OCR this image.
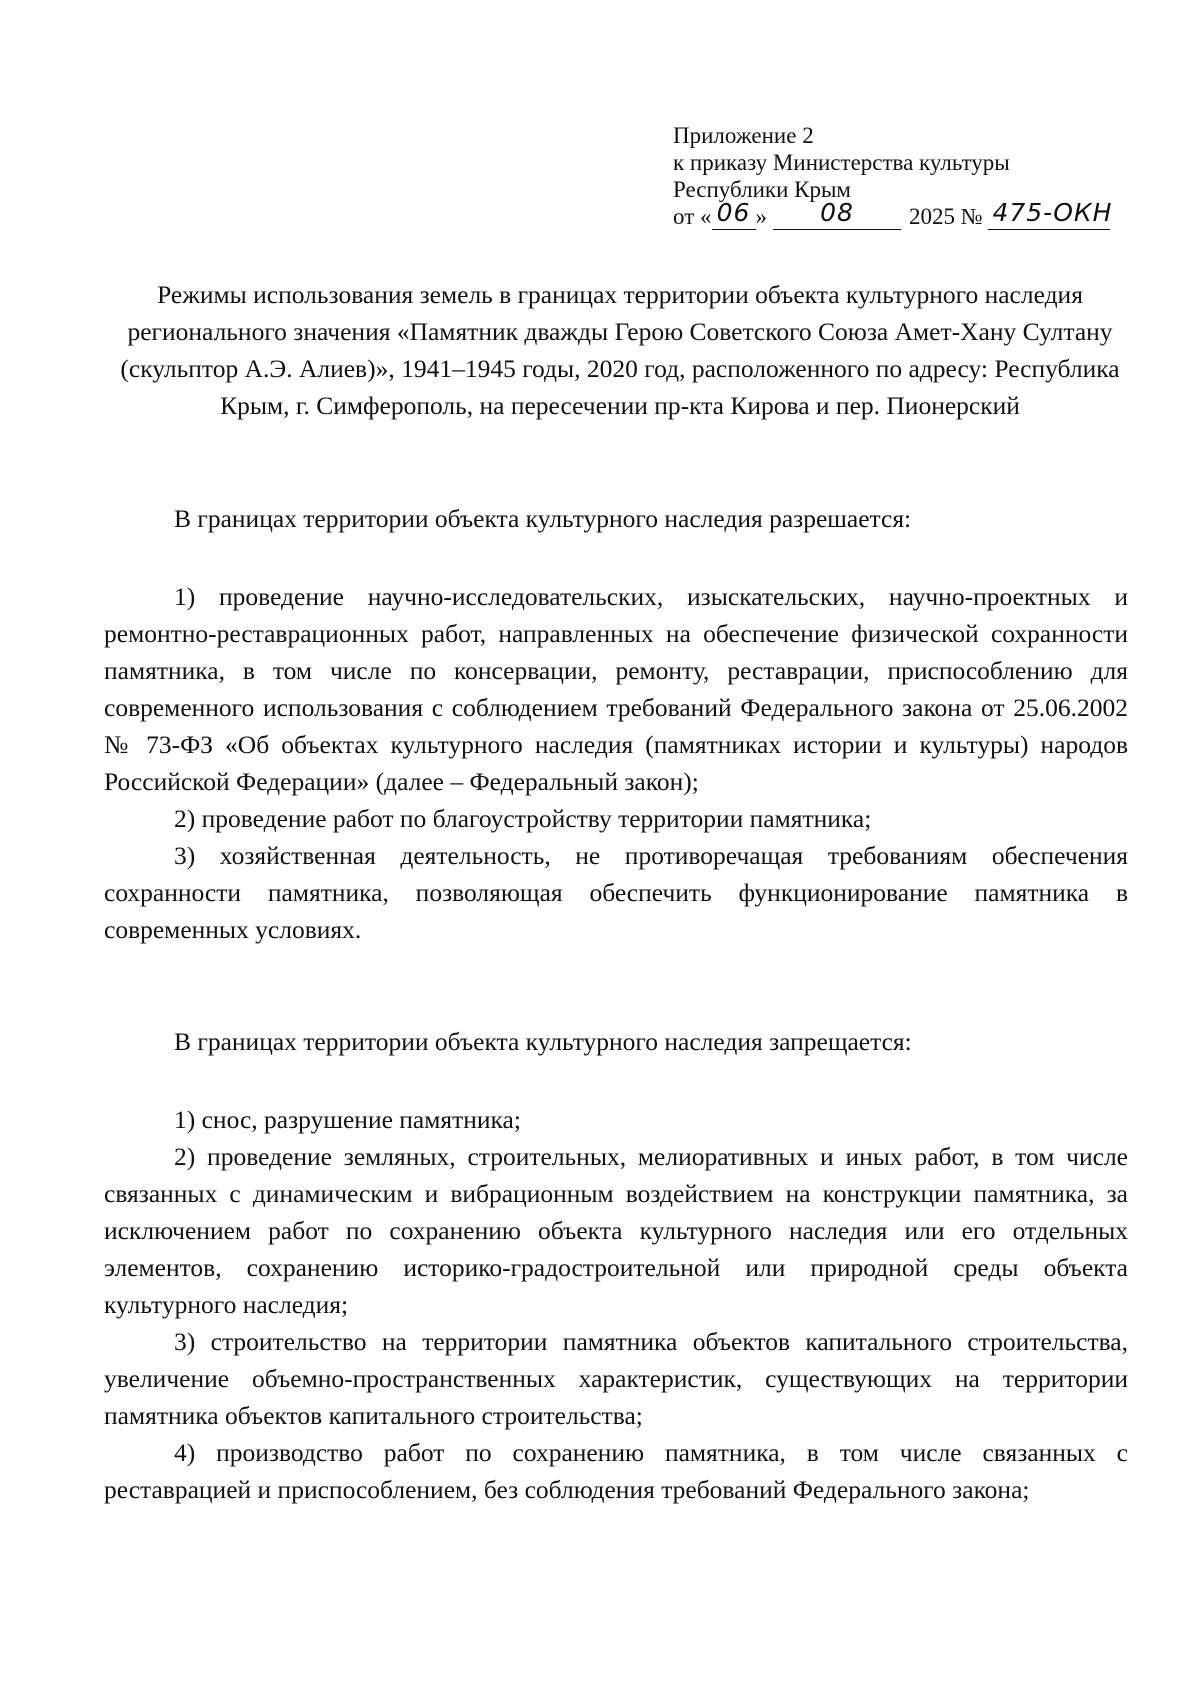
Приложение 2
к приказу Министерства культуры
Республики Крым
от « 06 » 08 2025 № 475-ОКН
Режимы использования земель в границах территории объекта культурного наследия регионального значения «Памятник дважды Герою Советского Союза Амет-Хану Султану (скульптор А.Э. Алиев)», 1941–1945 годы, 2020 год, расположенного по адресу: Республика Крым, г. Симферополь, на пересечении пр-кта Кирова и пер. Пионерский

В границах территории объекта культурного наследия разрешается:

1) проведение научно-исследовательских, изыскательских, научно-проектных и ремонтно-реставрационных работ, направленных на обеспечение физической сохранности памятника, в том числе по консервации, ремонту, реставрации, приспособлению для современного использования с соблюдением требований Федерального закона от 25.06.2002 № 73-ФЗ «Об объектах культурного наследия (памятниках истории и культуры) народов Российской Федерации» (далее – Федеральный закон);

2) проведение работ по благоустройству территории памятника;

3) хозяйственная деятельность, не противоречащая требованиям обеспечения сохранности памятника, позволяющая обеспечить функционирование памятника в современных условиях.

В границах территории объекта культурного наследия запрещается:

1) снос, разрушение памятника;

2) проведение земляных, строительных, мелиоративных и иных работ, в том числе связанных с динамическим и вибрационным воздействием на конструкции памятника, за исключением работ по сохранению объекта культурного наследия или его отдельных элементов, сохранению историко-градостроительной или природной среды объекта культурного наследия;

3) строительство на территории памятника объектов капитального строительства, увеличение объемно-пространственных характеристик, существующих на территории памятника объектов капитального строительства;

4) производство работ по сохранению памятника, в том числе связанных с реставрацией и приспособлением, без соблюдения требований Федерального закона;
